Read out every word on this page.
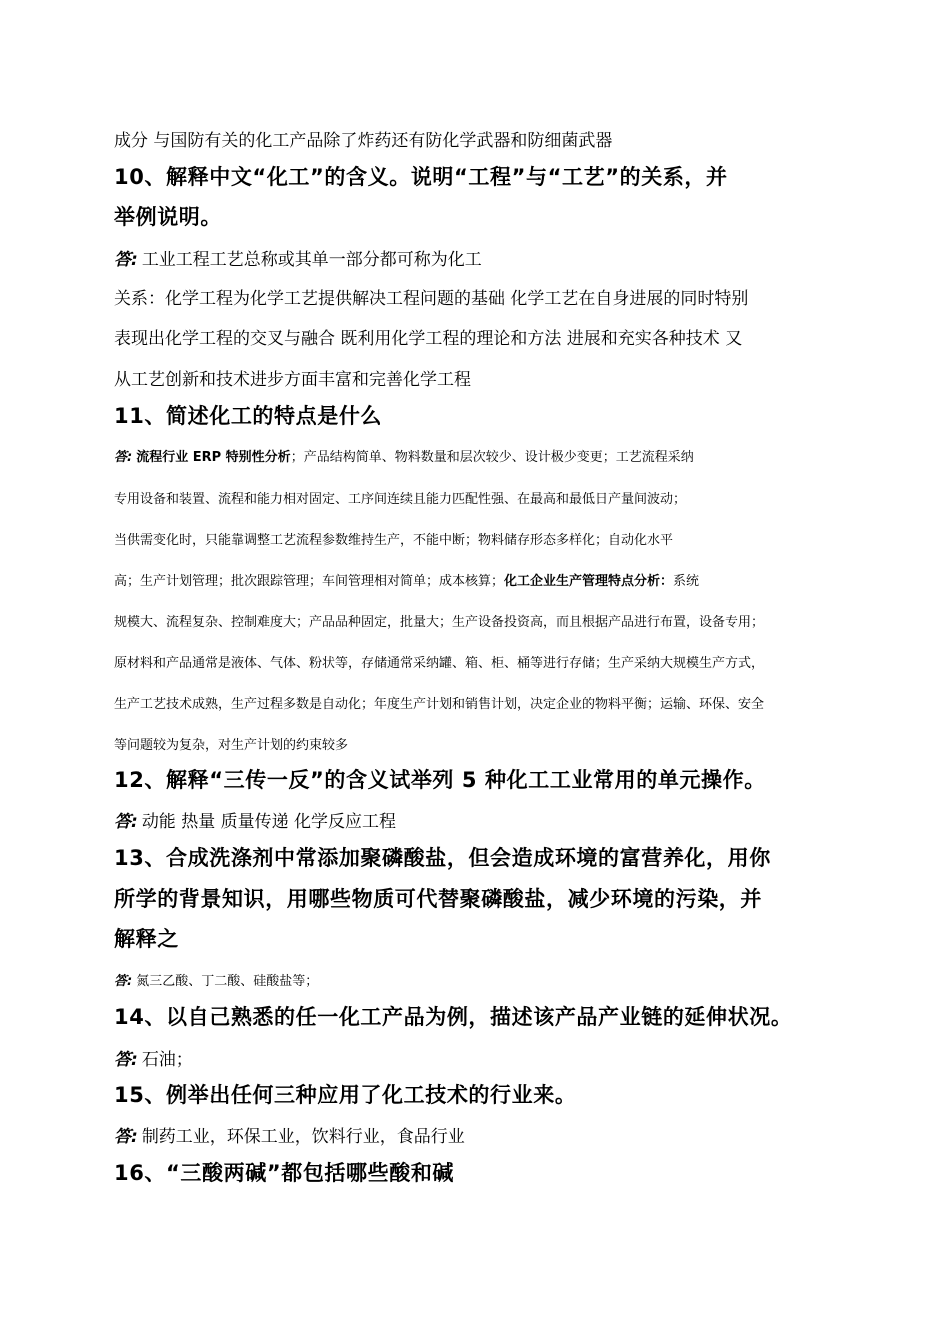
成分 与国防有关的化工产品除了炸药还有防化学武器和防细菌武器
10、解释中文“化工”的含义。说明“工程”与“工艺”的关系，并
举例说明。
答: 工业工程工艺总称或其单一部分都可称为化工
关系：化学工程为化学工艺提供解决工程问题的基础 化学工艺在自身进展的同时特别
表现出化学工程的交叉与融合 既利用化学工程的理论和方法 进展和充实各种技术 又
从工艺创新和技术进步方面丰富和完善化学工程
11、简述化工的特点是什么
答: 流程行业 ERP 特别性分析；产品结构简单、物料数量和层次较少、设计极少变更；工艺流程采纳
专用设备和装置、流程和能力相对固定、工序间连续且能力匹配性强、在最高和最低日产量间波动；
当供需变化时，只能靠调整工艺流程参数维持生产，不能中断；物料储存形态多样化；自动化水平
高；生产计划管理；批次跟踪管理；车间管理相对简单；成本核算；化工企业生产管理特点分析：系统
规模大、流程复杂、控制难度大；产品品种固定，批量大；生产设备投资高，而且根据产品进行布置，设备专用；
原材料和产品通常是液体、气体、粉状等，存储通常采纳罐、箱、柜、桶等进行存储；生产采纳大规模生产方式，
生产工艺技术成熟，生产过程多数是自动化；年度生产计划和销售计划，决定企业的物料平衡；运输、环保、安全
等问题较为复杂，对生产计划的约束较多
12、解释“三传一反”的含义试举列 5 种化工工业常用的单元操作。
答: 动能 热量 质量传递 化学反应工程
13、合成洗涤剂中常添加聚磷酸盐，但会造成环境的富营养化，用你
所学的背景知识，用哪些物质可代替聚磷酸盐，减少环境的污染，并
解释之
答: 氮三乙酸、丁二酸、硅酸盐等；
14、以自己熟悉的任一化工产品为例，描述该产品产业链的延伸状况。
答: 石油；
15、例举出任何三种应用了化工技术的行业来。
答: 制药工业，环保工业，饮料行业，食品行业
16、“三酸两碱”都包括哪些酸和碱
